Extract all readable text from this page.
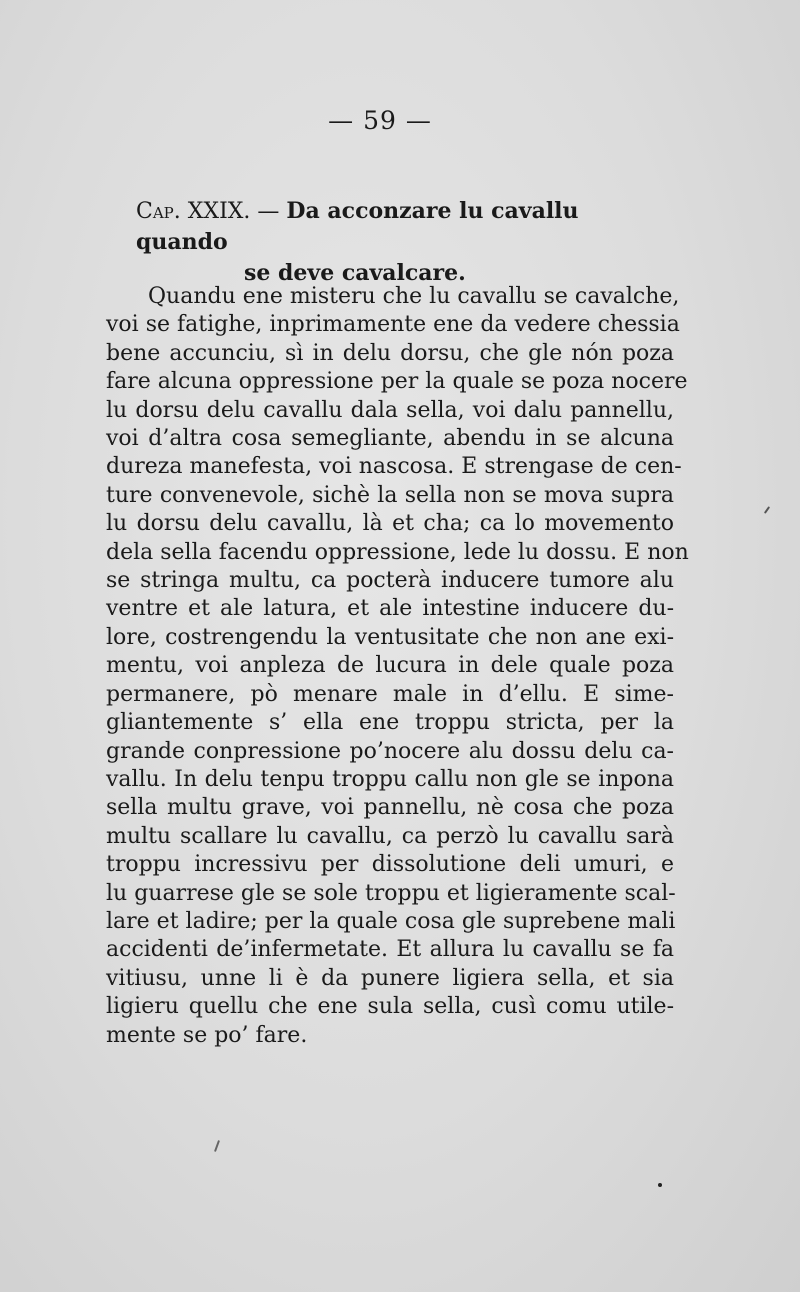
— 59 —
Cap. XXIX. — Da acconzare lu cavallu quando
se deve cavalcare.
Quandu ene misteru che lu cavallu se cavalche,
voi se fatighe, inprimamente ene da vedere chessia
bene accunciu, sì in delu dorsu, che gle nón poza
fare alcuna oppressione per la quale se poza nocere
lu dorsu delu cavallu dala sella, voi dalu pannellu,
voi d’altra cosa semegliante, abendu in se alcuna
dureza manefesta, voi nascosa. E strengase de cen-
ture convenevole, sichè la sella non se mova supra
lu dorsu delu cavallu, là et cha; ca lo movemento
dela sella facendu oppressione, lede lu dossu. E non
se stringa multu, ca pocterà inducere tumore alu
ventre et ale latura, et ale intestine inducere du-
lore, costrengendu la ventusitate che non ane exi-
mentu, voi anpleza de lucura in dele quale poza
permanere, pò menare male in d’ellu. E sime-
gliantemente s’ ella ene troppu stricta, per la
grande conpressione po’nocere alu dossu delu ca-
vallu. In delu tenpu troppu callu non gle se inpona
sella multu grave, voi pannellu, nè cosa che poza
multu scallare lu cavallu, ca perzò lu cavallu sarà
troppu incressivu per dissolutione deli umuri, e
lu guarrese gle se sole troppu et ligieramente scal-
lare et ladire; per la quale cosa gle suprebene mali
accidenti de’infermetate. Et allura lu cavallu se fa
vitiusu, unne li è da punere ligiera sella, et sia
ligieru quellu che ene sula sella, cusì comu utile-
mente se po’ fare.
